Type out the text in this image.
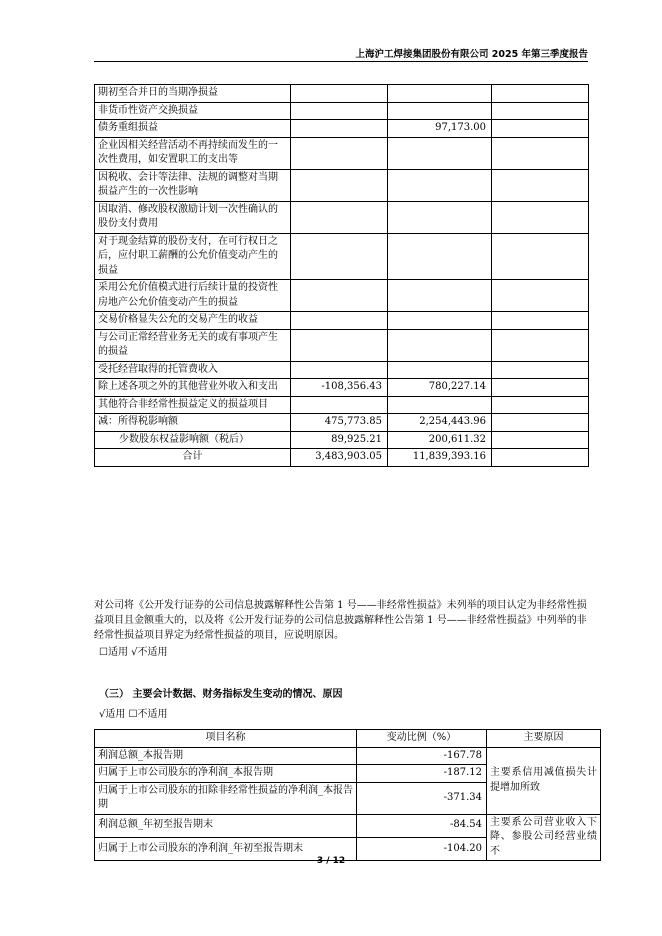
上海沪工焊接集团股份有限公司 2025 年第三季度报告
期初至合并日的当期净损益			
非货币性资产交换损益			
债务重组损益		97,173.00	
企业因相关经营活动不再持续而发生的一次性费用，如安置职工的支出等			
因税收、会计等法律、法规的调整对当期损益产生的一次性影响			
因取消、修改股权激励计划一次性确认的股份支付费用			
对于现金结算的股份支付，在可行权日之后，应付职工薪酬的公允价值变动产生的损益			
采用公允价值模式进行后续计量的投资性房地产公允价值变动产生的损益			
交易价格显失公允的交易产生的收益			
与公司正常经营业务无关的或有事项产生的损益			
受托经营取得的托管费收入			
除上述各项之外的其他营业外收入和支出	-108,356.43	780,227.14	
其他符合非经常性损益定义的损益项目			
减：所得税影响额	475,773.85	2,254,443.96	
少数股东权益影响额（税后）	89,925.21	200,611.32	
合计	3,483,903.05	11,839,393.16	
对公司将《公开发行证券的公司信息披露解释性公告第 1 号——非经常性损益》未列举的项目认定为非经常性损益项目且金额重大的，以及将《公开发行证券的公司信息披露解释性公告第 1 号——非经常性损益》中列举的非经常性损益项目界定为经常性损益的项目，应说明原因。
☐适用 √不适用
（三） 主要会计数据、财务指标发生变动的情况、原因
√适用 ☐不适用
项目名称	变动比例（%）	主要原因
利润总额_本报告期	-167.78	主要系信用减值损失计提增加所致
归属于上市公司股东的净利润_本报告期	-187.12	
归属于上市公司股东的扣除非经常性损益的净利润_本报告期	-371.34	
利润总额_年初至报告期末	-84.54	主要系公司营业收入下降、参股公司经营业绩不
归属于上市公司股东的净利润_年初至报告期末	-104.20	
3 / 12
